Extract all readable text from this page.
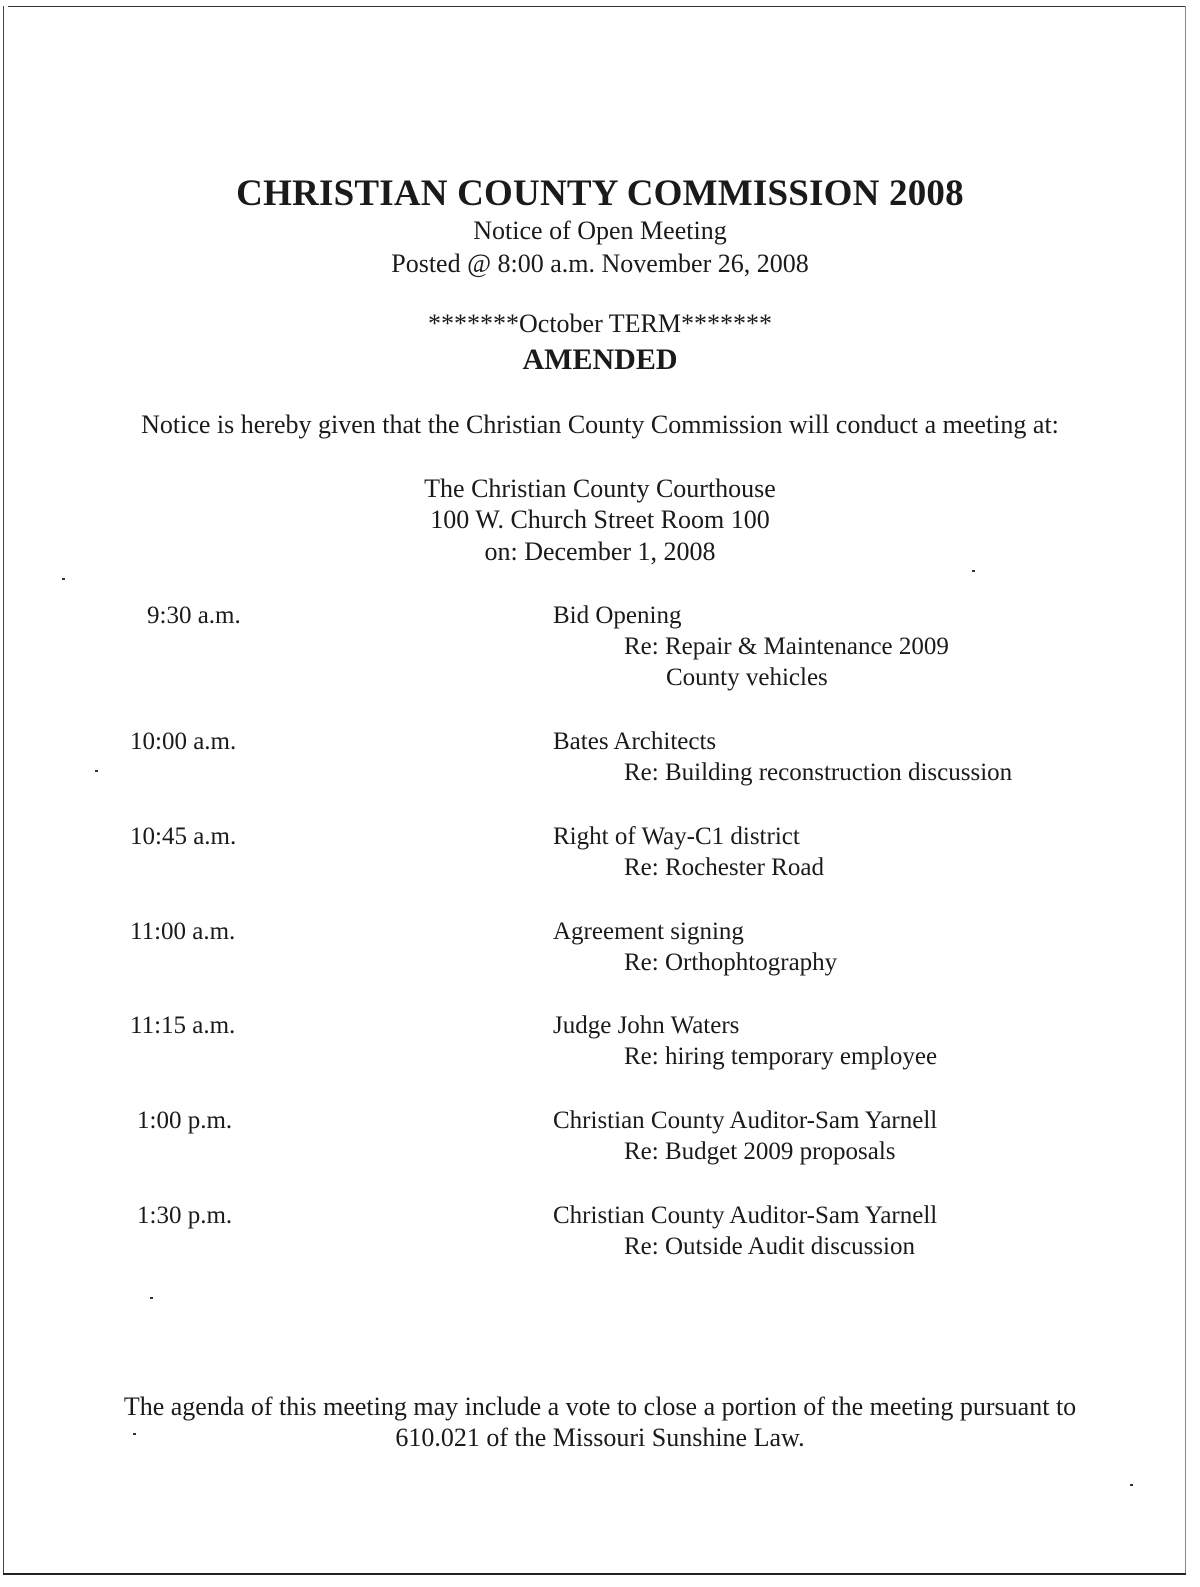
CHRISTIAN COUNTY COMMISSION 2008
Notice of Open Meeting
Posted @ 8:00 a.m. November 26, 2008
*******October TERM*******
AMENDED
Notice is hereby given that the Christian County Commission will conduct a meeting at:
The Christian County Courthouse
100 W. Church Street Room 100
on: December 1, 2008
9:30 a.m.	Bid Opening
Re: Repair & Maintenance 2009
County vehicles
10:00 a.m.	Bates Architects
Re: Building reconstruction discussion
10:45 a.m.	Right of Way-C1 district
Re: Rochester Road
11:00 a.m.	Agreement signing
Re: Orthophtography
11:15 a.m.	Judge John Waters
Re: hiring temporary employee
1:00 p.m.	Christian County Auditor-Sam Yarnell
Re: Budget 2009 proposals
1:30 p.m.	Christian County Auditor-Sam Yarnell
Re: Outside Audit discussion
The agenda of this meeting may include a vote to close a portion of the meeting pursuant to
610.021 of the Missouri Sunshine Law.
